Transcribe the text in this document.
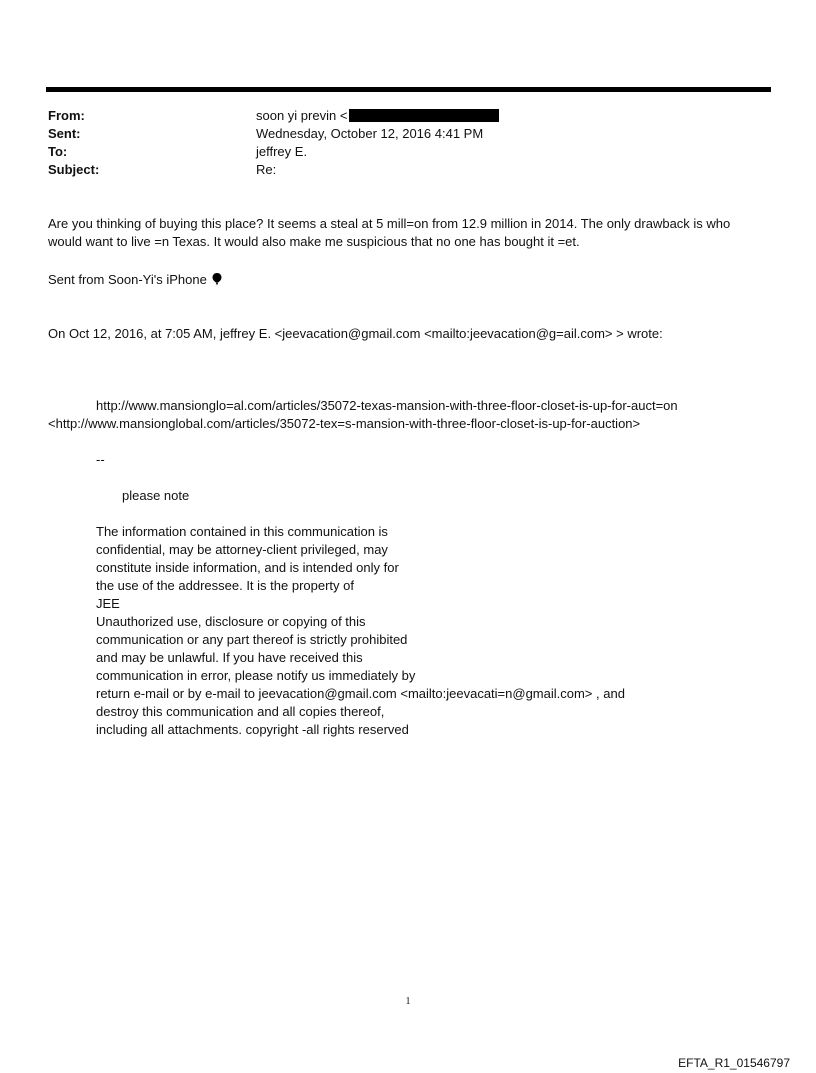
From:	soon yi previn <
Sent:	Wednesday, October 12, 2016 4:41 PM
To:	jeffrey E.
Subject:	Re:
Are you thinking of buying this place? It seems a steal at 5 mill=on from 12.9 million in 2014. The only drawback is who
would want to live =n Texas. It would also make me suspicious that no one has bought it =et.
Sent from Soon-Yi's iPhone
On Oct 12, 2016, at 7:05 AM, jeffrey E. <jeevacation@gmail.com <mailto:jeevacation@g=ail.com> > wrote:
http://www.mansionglo=al.com/articles/35072-texas-mansion-with-three-floor-closet-is-up-for-auct=on
<http://www.mansionglobal.com/articles/35072-tex=s-mansion-with-three-floor-closet-is-up-for-auction>
--
please note
The information contained in this communication is
confidential, may be attorney-client privileged, may
constitute inside information, and is intended only for
the use of the addressee. It is the property of
JEE
Unauthorized use, disclosure or copying of this
communication or any part thereof is strictly prohibited
and may be unlawful. If you have received this
communication in error, please notify us immediately by
return e-mail or by e-mail to jeevacation@gmail.com <mailto:jeevacati=n@gmail.com> , and
destroy this communication and all copies thereof,
including all attachments. copyright -all rights reserved
1
EFTA_R1_01546797
